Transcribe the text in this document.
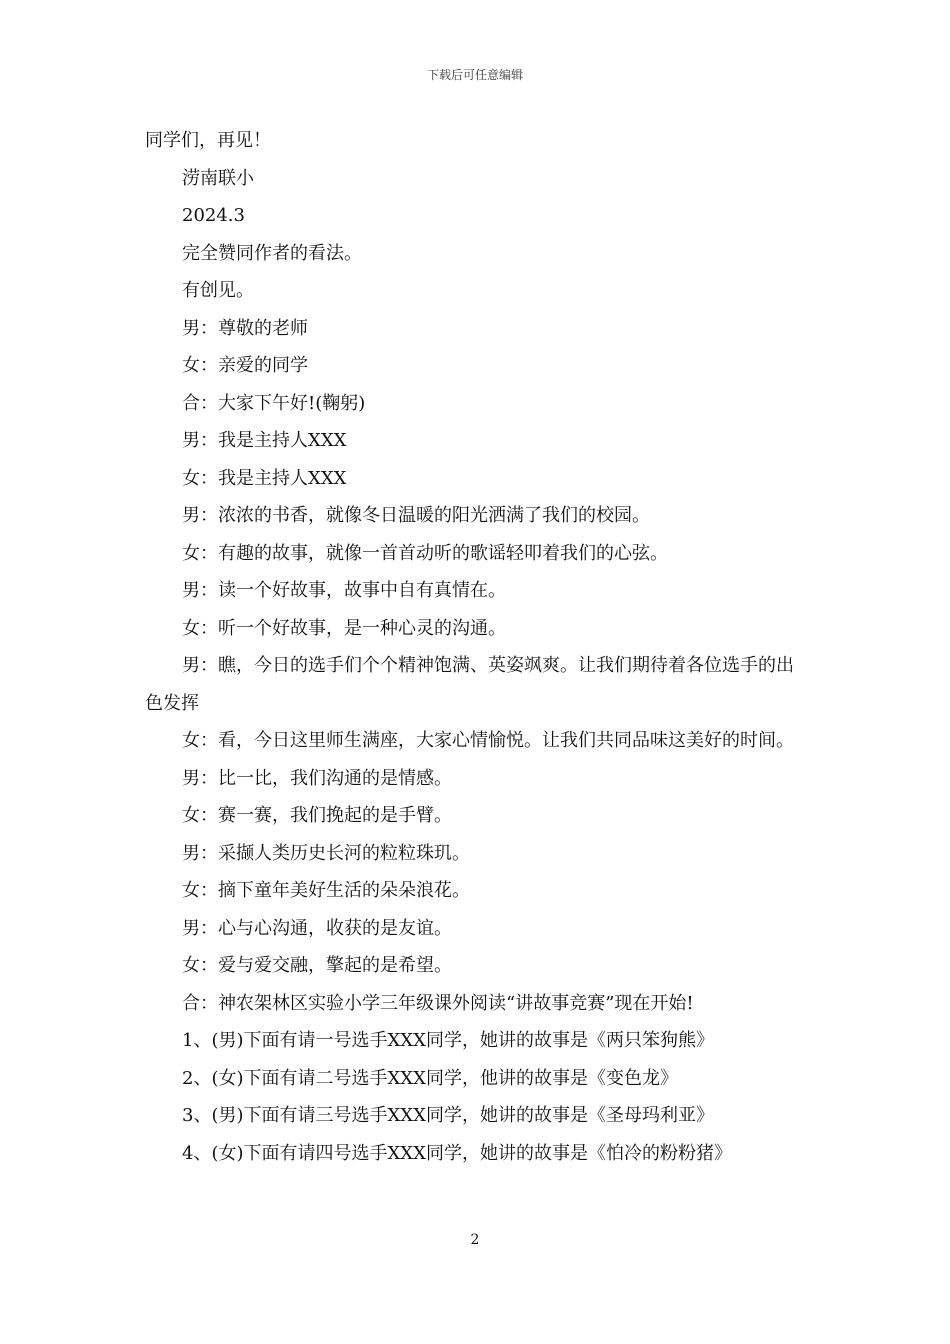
下载后可任意编辑

同学们，再见！

涝南联小

2024.3

完全赞同作者的看法。

有创见。

男：尊敬的老师

女：亲爱的同学

合：大家下午好!(鞠躬)

男：我是主持人XXX

女：我是主持人XXX

男：浓浓的书香，就像冬日温暖的阳光洒满了我们的校园。

女：有趣的故事，就像一首首动听的歌谣轻叩着我们的心弦。

男：读一个好故事，故事中自有真情在。

女：听一个好故事，是一种心灵的沟通。

男：瞧，今日的选手们个个精神饱满、英姿飒爽。让我们期待着各位选手的出色发挥

女：看，今日这里师生满座，大家心情愉悦。让我们共同品味这美好的时间。

男：比一比，我们沟通的是情感。

女：赛一赛，我们挽起的是手臂。

男：采撷人类历史长河的粒粒珠玑。

女：摘下童年美好生活的朵朵浪花。

男：心与心沟通，收获的是友谊。

女：爱与爱交融，擎起的是希望。

合：神农架林区实验小学三年级课外阅读“讲故事竞赛”现在开始!

1、(男)下面有请一号选手XXX同学，她讲的故事是《两只笨狗熊》

2、(女)下面有请二号选手XXX同学，他讲的故事是《变色龙》

3、(男)下面有请三号选手XXX同学，她讲的故事是《圣母玛利亚》

4、(女)下面有请四号选手XXX同学，她讲的故事是《怕冷的粉粉猪》

2
